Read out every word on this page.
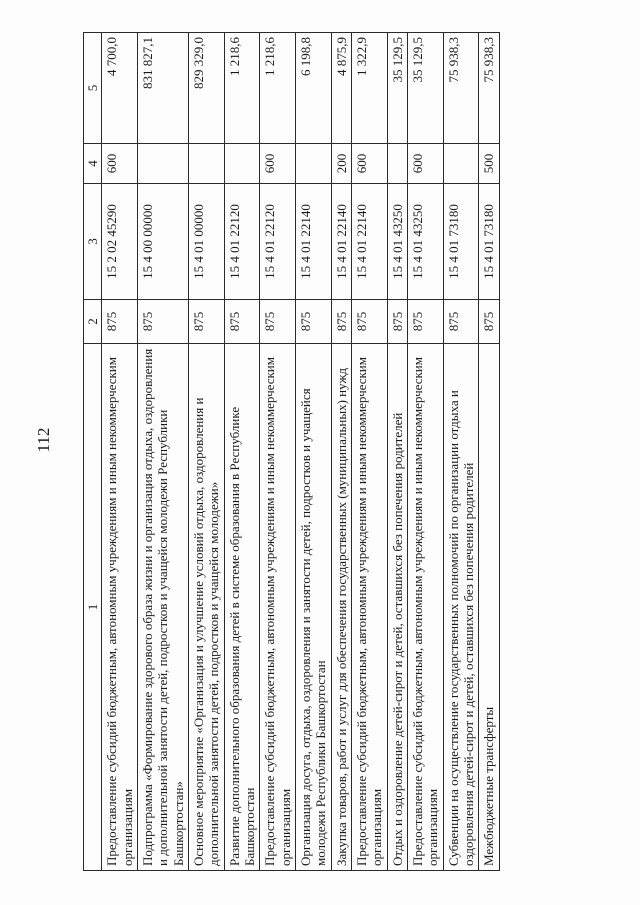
112
1	2	3	4	5
Предоставление субсидий бюджетным, автономным учреждениям и иным некоммерческим организациям	875	15 2 02 45290	600	4 700,0
Подпрограмма «Формирование здорового образа жизни и организация отдыха, оздоровления и дополнительной занятости детей, подростков и учащейся молодежи Республики Башкортостан»	875	15 4 00 00000		831 827,1
Основное мероприятие «Организация и улучшение условий отдыха, оздоровления и дополнительной занятости детей, подростков и учащейся молодежи»	875	15 4 01 00000		829 329,0
Развитие дополнительного образования детей в системе образования в Республике Башкортостан	875	15 4 01 22120		1 218,6
Предоставление субсидий бюджетным, автономным учреждениям и иным некоммерческим организациям	875	15 4 01 22120	600	1 218,6
Организация досуга, отдыха, оздоровления и занятости детей, подростков и учащейся молодежи Республики Башкортостан	875	15 4 01 22140		6 198,8
Закупка товаров, работ и услуг для обеспечения государственных (муниципальных) нужд	875	15 4 01 22140	200	4 875,9
Предоставление субсидий бюджетным, автономным учреждениям и иным некоммерческим организациям	875	15 4 01 22140	600	1 322,9
Отдых и оздоровление детей-сирот и детей, оставшихся без попечения родителей	875	15 4 01 43250		35 129,5
Предоставление субсидий бюджетным, автономным учреждениям и иным некоммерческим организациям	875	15 4 01 43250	600	35 129,5
Субвенции на осуществление государственных полномочий по организации отдыха и оздоровления детей-сирот и детей, оставшихся без попечения родителей	875	15 4 01 73180		75 938,3
Межбюджетные трансферты	875	15 4 01 73180	500	75 938,3
